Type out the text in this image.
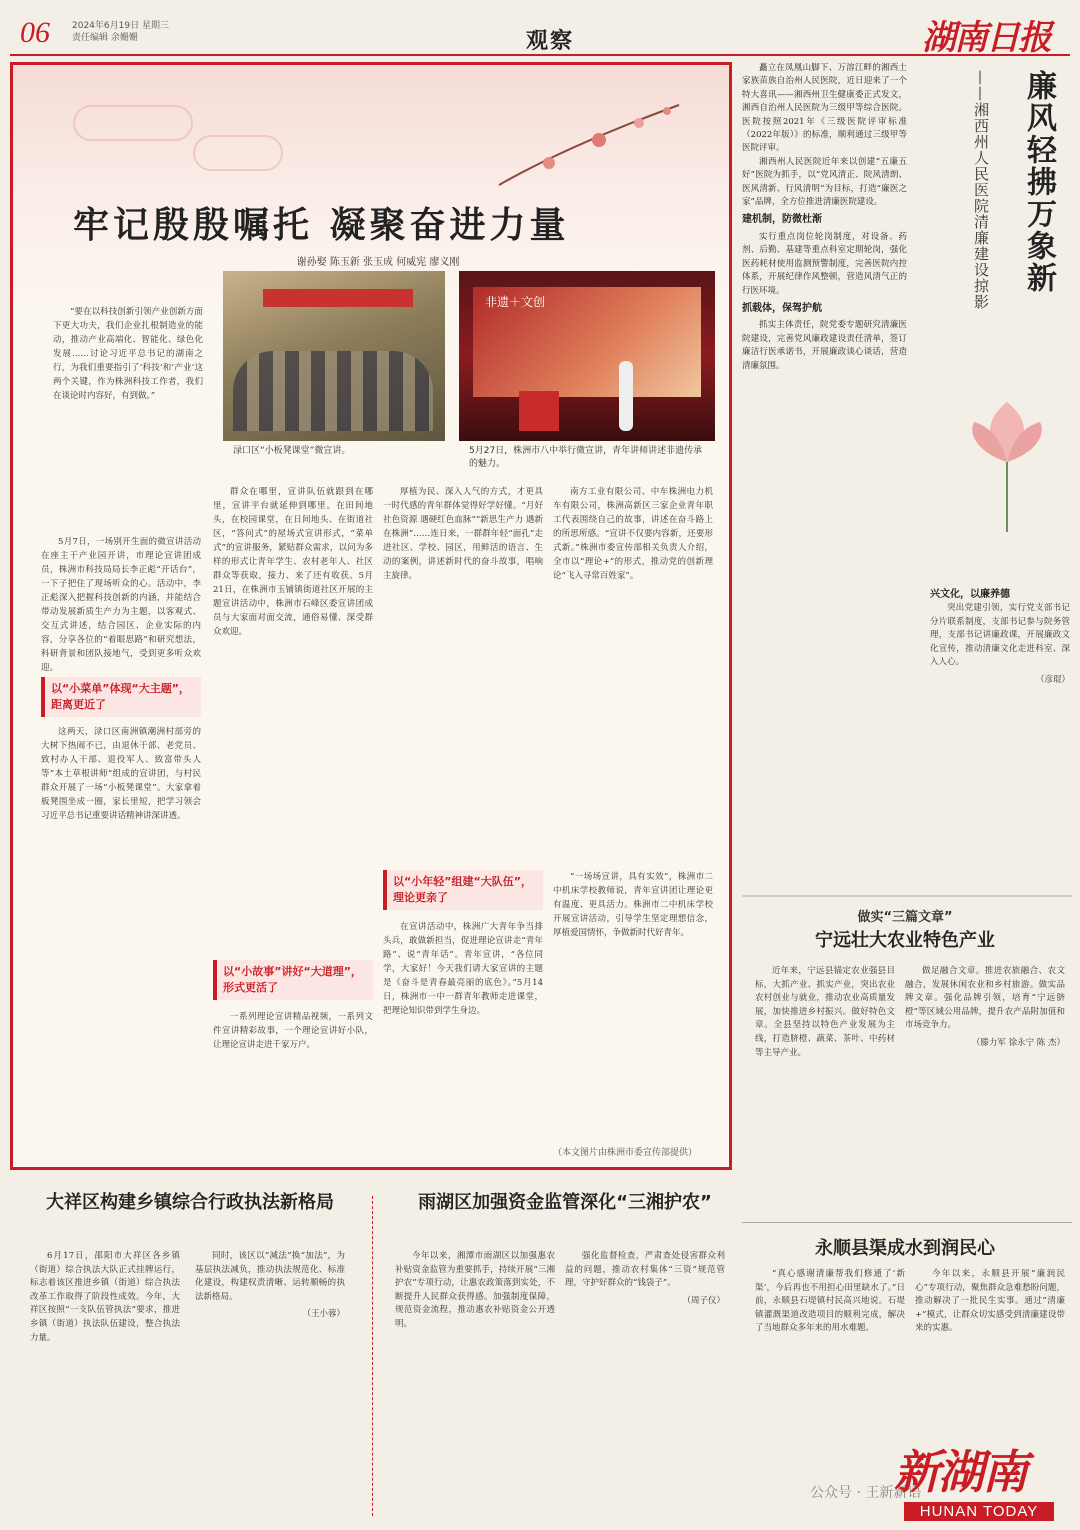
06 2024年6月19日 星期三
责任编辑 余姗姗	观察	湖南日报
牢记殷殷嘱托 凝聚奋进力量
谢孙娶 陈玉新 张玉成 何威宪 廖义刚

“要在以科技创新引领产业创新方面下更大功夫，我们企业扎根制造业的能动，推动产业高端化、智能化、绿色化发展……讨论习近平总书记的湖南之行，为我们重要指引了‘科技’和‘产业’这两个关键，作为株洲科技工作者，我们在谈论时内容好，有到做。”

5月7日，一场别开生面的微宣讲活动在座主干产业园开讲，市理论宣讲团成员，株洲市科技局局长李正彪“开话台”，一下子把住了现场听众的心。活动中，李正彪深入把握科技创新的内涵，并能结合带动发展新质生产力为主题，以客观式、交互式讲述，结合园区、企业实际的内容，分享各位的“着眼思路”和研究想法，科研背景和团队接地气，受到更多听众欢迎。

以“小菜单”体现“大主题”，距离更近了

这两天，渌口区南洲镇潮洲村部旁的大树下热闹不已，由退休干部、老党员、致村办人干部、退役军人、致富带头人等“本土草根讲师”组成的宣讲团，与村民群众开展了一场“小板凳课堂”。大家拿着板凳围坐成一圈，家长里短，把学习领会习近平总书记重要讲话精神讲深讲透。

非遗＋文创
渌口区“小板凳课堂”微宣讲。	5月27日，株洲市八中举行微宣讲，青年讲师讲述非遗传承的魅力。

群众在哪里，宣讲队伍就跟到在哪里，宣讲平台就延伸到哪里。在田间地头，在校园课堂，在日间地头、在街道社区，“答问式”的屋场式宣讲形式，“菜单式”的宣讲服务，紧贴群众需求，以问为多样的形式让青年学生、农村老年人、社区群众等获取，接力、来了还有收获。5月21日，在株洲市玉铺镇街道社区开展的主题宣讲活动中，株洲市石峰区委宣讲团成员与大家面对面交流，通俗易懂、深受群众欢迎。

以“小故事”讲好“大道理”，形式更活了

一系列理论宣讲精品视频，一系列文件宣讲精彩故事，一个理论宣讲好小队，让理论宣讲走进千家万户。

厚植为民、深入人气的方式，才更具一时代感的青年群体觉得好学好懂。“月好社色资源 遇硬红色血脉”“新思生产力 遇新在株洲”……连日来，一群群年轻“面孔”走进社区、学校、园区，用鲜活的语言、生动的案例，讲述新时代的奋斗故事，唱响主旋律。

以“小年轻”组建“大队伍”，理论更亲了

在宣讲活动中，株洲广大青年争当排头兵，敢做新担当，促进理论宣讲走“青年路”、说“青年话”。青年宣讲，“各位同学，大家好！今天我们请大家宣讲的主题是《奋斗是青春最亮丽的底色》。”5月14日，株洲市一中一群青年教师走进课堂，把理论知识带到学生身边。

南方工业有限公司、中车株洲电力机车有限公司，株洲高新区三家企业青年职工代表围绕自己的故事，讲述在奋斗路上的所思所感。“宣讲不仅要内容新，还要形式新。”株洲市委宣传部相关负责人介绍，全市以“理论+”的形式，推动党的创新理论“飞入寻常百姓家”。

“一场场宣讲，具有实效”，株洲市二中机床学校教师说，青年宣讲团让理论更有温度、更具活力。株洲市二中机床学校开展宣讲活动，引导学生坚定理想信念，厚植爱国情怀，争做新时代好青年。

（本文图片由株洲市委宣传部提供）

矗立在凤凰山脚下、万溶江畔的湘西土家族苗族自治州人民医院，近日迎来了一个特大喜讯——湘西州卫生健康委正式发文，湘西自治州人民医院为三级甲等综合医院。医院按照2021年《三级医院评审标准（2022年版）》的标准，顺利通过三级甲等医院评审。

湘西州人民医院近年来以创建“五廉五好”医院为抓手，以“党风清正、院风清朗、医风清新、行风清明”为目标，打造“廉医之家”品牌，全方位推进清廉医院建设。

建机制，防微杜渐

实行重点岗位轮岗制度，对设备、药剂、后勤、基建等重点科室定期轮岗，强化医药耗材使用监测预警制度，完善医院内控体系，开展纪律作风整顿，营造风清气正的行医环境。

抓载体，保驾护航

抓实主体责任，院党委专题研究清廉医院建设，完善党风廉政建设责任清单，签订廉洁行医承诺书，开展廉政谈心谈话，营造清廉氛围。

廉风轻拂万象新
——湘西州人民医院清廉建设掠影
兴文化，以廉养德

突出党建引领，实行党支部书记分片联系制度，支部书记参与院务管理，支部书记讲廉政课，开展廉政文化宣传，推动清廉文化走进科室、深入人心。

（彦琨）
做实“三篇文章”
宁远壮大农业特色产业

近年来，宁远县锚定农业强县目标，大抓产业、抓实产业，突出农业农村创业与就业，推动农业高质量发展，加快推进乡村振兴。做好特色文章。全县坚持以特色产业发展为主线，打造脐橙、蔬菜、茶叶、中药材等主导产业。

做足融合文章。推进农旅融合、农文融合，发展休闲农业和乡村旅游。做实品牌文章。强化品牌引领，培育“宁远脐橙”等区域公用品牌，提升农产品附加值和市场竞争力。

（滕力军 徐永宁 陈 杰）
永顺县渠成水到润民心

“真心感谢清廉帮我们修通了‘新渠’，今后再也不用担心田里缺水了。”日前，永顺县石堤镇村民高兴地说。石堤镇灌溉渠道改造项目的顺利完成，解决了当地群众多年来的用水难题。

今年以来，永顺县开展“廉润民心”专项行动，聚焦群众急难愁盼问题，推动解决了一批民生实事。通过“清廉+”模式，让群众切实感受到清廉建设带来的实惠。

大祥区构建乡镇综合行政执法新格局

6月17日，邵阳市大祥区各乡镇（街道）综合执法大队正式挂牌运行，标志着该区推进乡镇（街道）综合执法改革工作取得了阶段性成效。今年，大祥区按照“一支队伍管执法”要求，推进乡镇（街道）执法队伍建设，整合执法力量。

同时，该区以“减法”换“加法”，为基层执法减负，推动执法规范化、标准化建设，构建权责清晰、运转顺畅的执法新格局。

（王小蓉）
雨湖区加强资金监管深化“三湘护农”

今年以来，湘潭市雨湖区以加强惠农补贴资金监管为重要抓手，持续开展“三湘护农”专项行动，让惠农政策落到实处，不断提升人民群众获得感。加强制度保障，规范资金流程，推动惠农补贴资金公开透明。

强化监督检查，严肃查处侵害群众利益的问题，推动农村集体“三资”规范管理，守护好群众的“钱袋子”。

（周子仪）
公众号 · 王新新语
新湖南
HUNAN TODAY
